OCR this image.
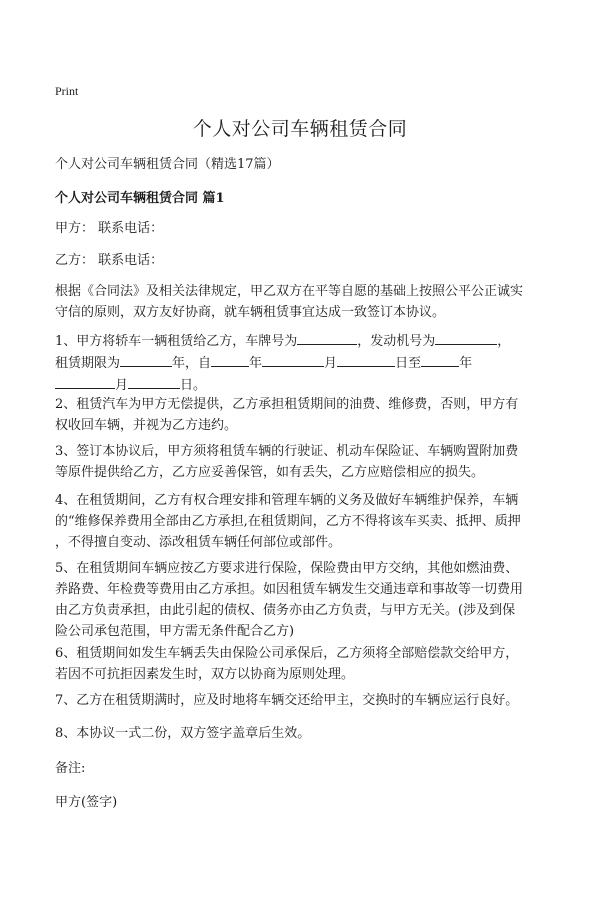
Print
个人对公司车辆租赁合同
个人对公司车辆租赁合同（精选17篇）
个人对公司车辆租赁合同 篇1
甲方： 联系电话：
乙方： 联系电话：
根据《合同法》及相关法律规定，甲乙双方在平等自愿的基础上按照公平公正诚实
守信的原则，双方友好协商，就车辆租赁事宜达成一致签订本协议。
1、甲方将轿车一辆租赁给乙方，车牌号为	，发动机号为	，
租赁期限为	年，自	年	月	日至	年
月	日。
2、租赁汽车为甲方无偿提供，乙方承担租赁期间的油费、维修费，否则，甲方有
权收回车辆，并视为乙方违约。
3、签订本协议后，甲方须将租赁车辆的行驶证、机动车保险证、车辆购置附加费
等原件提供给乙方，乙方应妥善保管，如有丢失，乙方应赔偿相应的损失。
4、在租赁期间，乙方有权合理安排和管理车辆的义务及做好车辆维护保养，车辆
的“维修保养费用全部由乙方承担,在租赁期间，乙方不得将该车买卖、抵押、质押
，不得擅自变动、添改租赁车辆任何部位或部件。
5、在租赁期间车辆应按乙方要求进行保险，保险费由甲方交纳，其他如燃油费、
养路费、年检费等费用由乙方承担。如因租赁车辆发生交通违章和事故等一切费用
由乙方负责承担，由此引起的债权、债务亦由乙方负责，与甲方无关。(涉及到保
险公司承包范围，甲方需无条件配合乙方)
6、租赁期间如发生车辆丢失由保险公司承保后，乙方须将全部赔偿款交给甲方，
若因不可抗拒因素发生时，双方以协商为原则处理。
7、乙方在租赁期满时，应及时地将车辆交还给甲主，交换时的车辆应运行良好。
8、本协议一式二份，双方签字盖章后生效。
备注:
甲方(签字)
